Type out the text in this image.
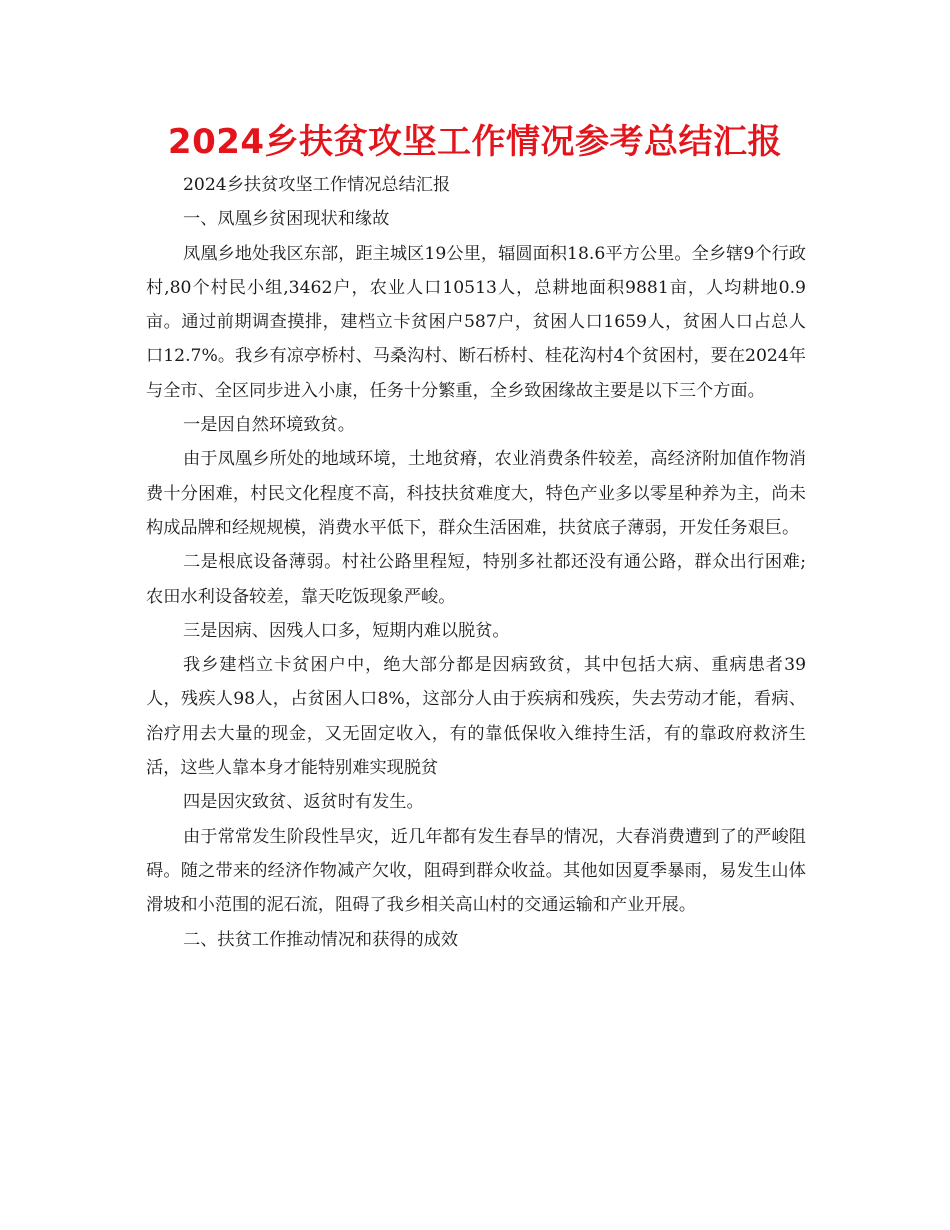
2024乡扶贫攻坚工作情况参考总结汇报

2024乡扶贫攻坚工作情况总结汇报

一、凤凰乡贫困现状和缘故

凤凰乡地处我区东部，距主城区19公里，辐圆面积18.6平方公里。全乡辖9个行政村,80个村民小组,3462户，农业人口10513人，总耕地面积9881亩，人均耕地0.9亩。通过前期调查摸排，建档立卡贫困户587户，贫困人口1659人，贫困人口占总人口12.7%。我乡有凉亭桥村、马桑沟村、断石桥村、桂花沟村4个贫困村，要在2024年与全市、全区同步进入小康，任务十分繁重，全乡致困缘故主要是以下三个方面。

一是因自然环境致贫。

由于凤凰乡所处的地域环境，土地贫瘠，农业消费条件较差，高经济附加值作物消费十分困难，村民文化程度不高，科技扶贫难度大，特色产业多以零星种养为主，尚未构成品牌和经规规模，消费水平低下，群众生活困难，扶贫底子薄弱，开发任务艰巨。

二是根底设备薄弱。村社公路里程短，特别多社都还没有通公路，群众出行困难;农田水利设备较差，靠天吃饭现象严峻。

三是因病、因残人口多，短期内难以脱贫。

我乡建档立卡贫困户中，绝大部分都是因病致贫，其中包括大病、重病患者39人，残疾人98人，占贫困人口8%，这部分人由于疾病和残疾，失去劳动才能，看病、治疗用去大量的现金，又无固定收入，有的靠低保收入维持生活，有的靠政府救济生活，这些人靠本身才能特别难实现脱贫

四是因灾致贫、返贫时有发生。

由于常常发生阶段性旱灾，近几年都有发生春旱的情况，大春消费遭到了的严峻阻碍。随之带来的经济作物减产欠收，阻碍到群众收益。其他如因夏季暴雨，易发生山体滑坡和小范围的泥石流，阻碍了我乡相关高山村的交通运输和产业开展。

二、扶贫工作推动情况和获得的成效
